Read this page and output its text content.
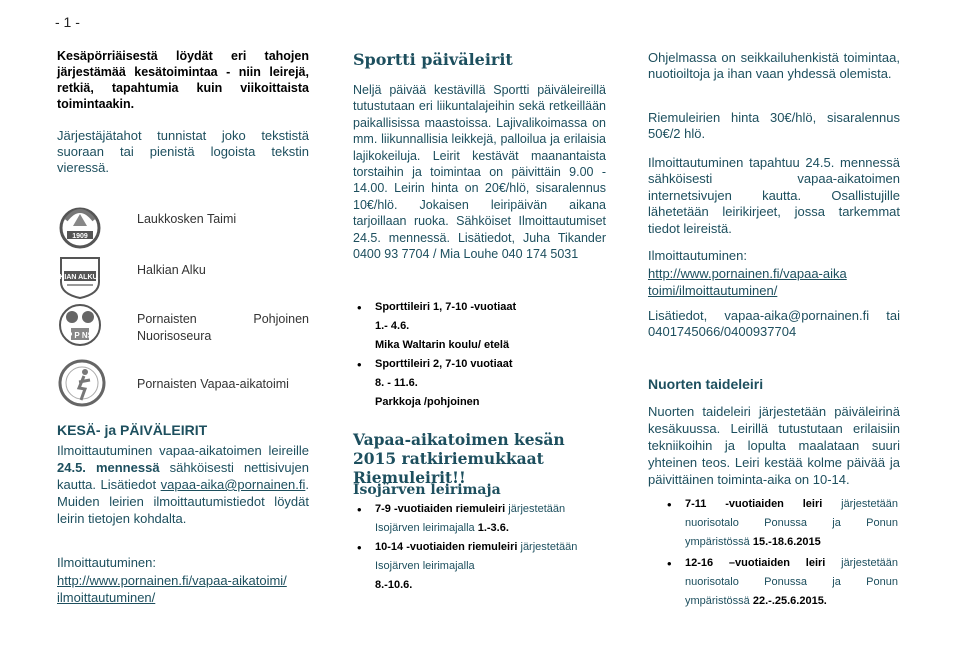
- 1 -

Kesäpörriäisestä löydät eri tahojen järjestämää kesätoimintaa - niin leirejä, retkiä, tapahtumia kuin viikoittaista toimintaakin.

Järjestäjätahot tunnistat joko tekstistä suoraan tai pienistä logoista tekstin vieressä.

1909
Laukkosken Taimi
HALKIAN ALKU 1926
Halkian Alku
P P NS
Pornaisten Nuorisoseura
Pohjoinen
Pornaisten Vapaa-aikatoimi
KESÄ- ja PÄIVÄLEIRIT

Ilmoittautuminen vapaa-aikatoimen leireille 24.5. mennessä sähköisesti nettisivujen kautta. Lisätiedot vapaa-aika@pornainen.fi. Muiden leirien ilmoittautumistiedot löydät leirin tietojen kohdalta.

Ilmoittautuminen:
http://www.pornainen.fi/vapaa-aikatoimi/ilmoittautuminen/
Sportti päiväleirit

Neljä päivää kestävillä Sportti päiväleireillä tutustutaan eri liikuntalajeihin sekä retkeillään paikallisissa maastoissa. Lajivalikoimassa on mm. liikunnallisia leikkejä, palloilua ja erilaisia lajikokeiluja. Leirit kestävät maanantaista torstaihin ja toimintaa on päivittäin 9.00 - 14.00. Leirin hinta on 20€/hlö, sisaralennus 10€/hlö. Jokaisen leiripäivän aikana tarjoillaan ruoka. Sähköiset Ilmoittautumiset 24.5. mennessä. Lisätiedot, Juha Tikander 0400 93 7704 / Mia Louhe 040 174 5031

• Sporttileiri 1, 7-10 -vuotiaat
1.- 4.6.
Mika Waltarin koulu/ etelä
• Sporttileiri 2, 7-10 vuotiaat
8. - 11.6.
Parkkoja /pohjoinen
Vapaa-aikatoimen kesän 2015 ratkiriemukkaat Riemuleirit!!
Isojärven leirimaja
• 7-9 -vuotiaiden riemuleiri järjestetään Isojärven leirimajalla 1.-3.6.
• 10-14 -vuotiaiden riemuleiri järjestetään Isojärven leirimajalla
8.-10.6.

Ohjelmassa on seikkailuhenkistä toimintaa, nuotioiltoja ja ihan vaan yhdessä olemista.

Riemuleirien hinta 30€/hlö, sisaralennus 50€/2 hlö.

Ilmoittautuminen tapahtuu 24.5. mennessä sähköisesti vapaa-aikatoimen internetsivujen kautta. Osallistujille lähetetään leirikirjeet, jossa tarkemmat tiedot leireistä.

Ilmoittautuminen:
http://www.pornainen.fi/vapaa-aikatoimi/ilmoittautuminen/

Lisätiedot, vapaa-aika@pornainen.fi tai 0401745066/0400937704

Nuorten taideleiri

Nuorten taideleiri järjestetään päiväleirinä kesäkuussa. Leirillä tutustutaan erilaisiin tekniikoihin ja lopulta maalataan suuri yhteinen teos. Leiri kestää kolme päivää ja päivittäinen toiminta-aika on 10-14.

• 7-11 -vuotiaiden leiri järjestetään nuorisotalo Ponussa ja Ponun ympäristössä 15.-18.6.2015
• 12-16 –vuotiaiden leiri järjestetään nuorisotalo Ponussa ja Ponun ympäristössä 22.-.25.6.2015.
